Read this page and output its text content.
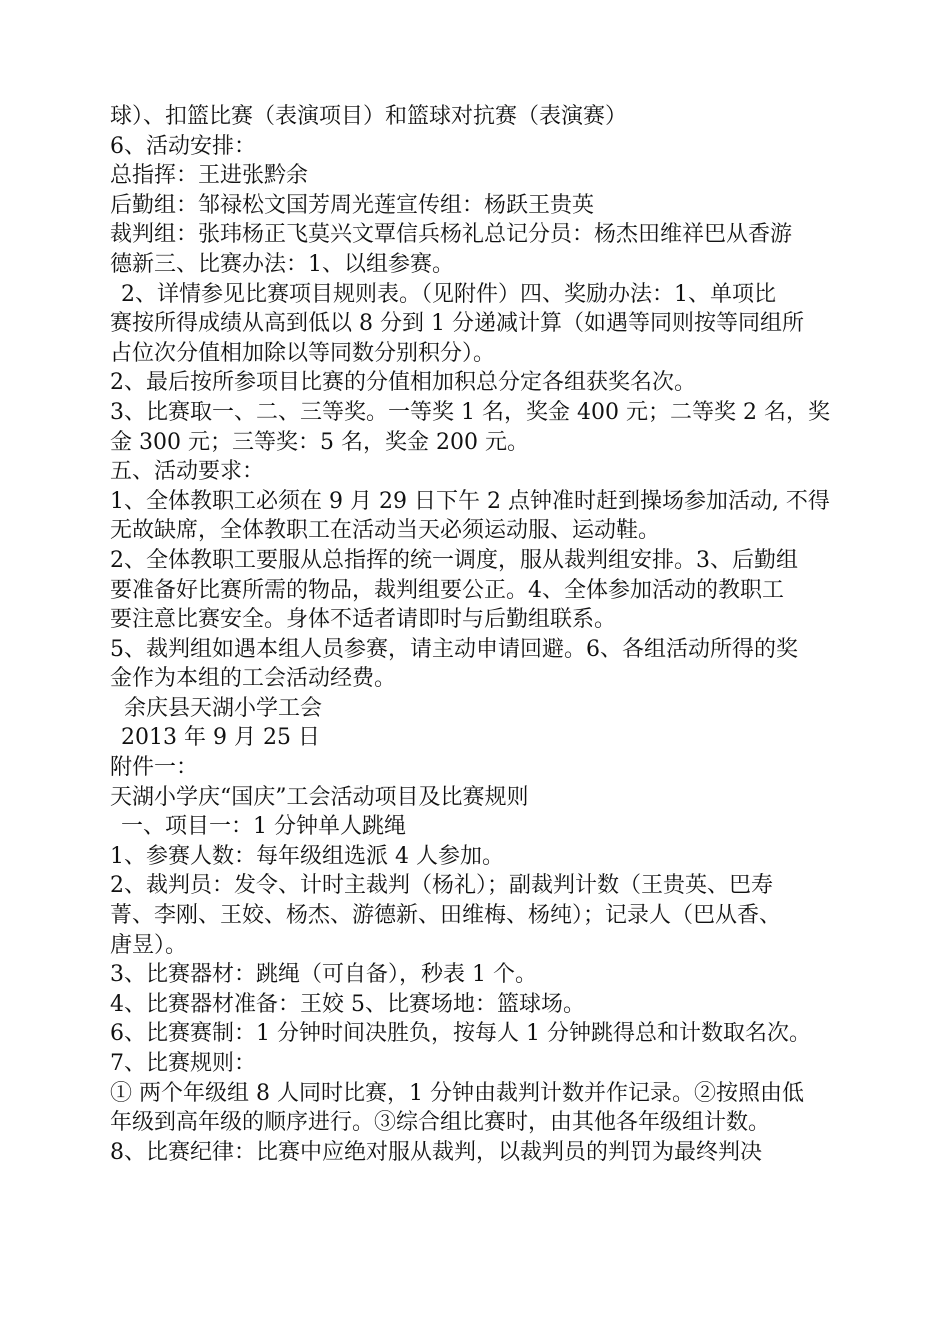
球）、扣篮比赛（表演项目）和篮球对抗赛（表演赛）
6、活动安排：
总指挥：王进张黔余
后勤组：邹禄松文国芳周光莲宣传组：杨跃王贵英
裁判组：张玮杨正飞莫兴文覃信兵杨礼总记分员：杨杰田维祥巴从香游
德新三、比赛办法：1、以组参赛。
2、详情参见比赛项目规则表。（见附件）四、奖励办法：1、单项比
赛按所得成绩从高到低以 8 分到 1 分递减计算（如遇等同则按等同组所
占位次分值相加除以等同数分别积分）。
2、最后按所参项目比赛的分值相加积总分定各组获奖名次。
3、比赛取一、二、三等奖。一等奖 1 名，奖金 400 元；二等奖 2 名，奖
金 300 元；三等奖：5 名，奖金 200 元。
五、活动要求：
1、全体教职工必须在 9 月 29 日下午 2 点钟准时赶到操场参加活动, 不得
无故缺席，全体教职工在活动当天必须运动服、运动鞋。
2、全体教职工要服从总指挥的统一调度，服从裁判组安排。3、后勤组
要准备好比赛所需的物品，裁判组要公正。4、全体参加活动的教职工
要注意比赛安全。身体不适者请即时与后勤组联系。
5、裁判组如遇本组人员参赛，请主动申请回避。6、各组活动所得的奖
金作为本组的工会活动经费。
余庆县天湖小学工会
2013 年 9 月 25 日
附件一：
天湖小学庆“国庆”工会活动项目及比赛规则
一、项目一：1 分钟单人跳绳
1、参赛人数：每年级组选派 4 人参加。
2、裁判员：发令、计时主裁判（杨礼）；副裁判计数（王贵英、巴寿
菁、李刚、王姣、杨杰、游德新、田维梅、杨纯）；记录人（巴从香、
唐昱）。
3、比赛器材：跳绳（可自备），秒表 1 个。
4、比赛器材准备：王姣 5、比赛场地：篮球场。
6、比赛赛制：1 分钟时间决胜负，按每人 1 分钟跳得总和计数取名次。
7、比赛规则：
① 两个年级组 8 人同时比赛，1 分钟由裁判计数并作记录。②按照由低
年级到高年级的顺序进行。③综合组比赛时，由其他各年级组计数。
8、比赛纪律：比赛中应绝对服从裁判，以裁判员的判罚为最终判决
